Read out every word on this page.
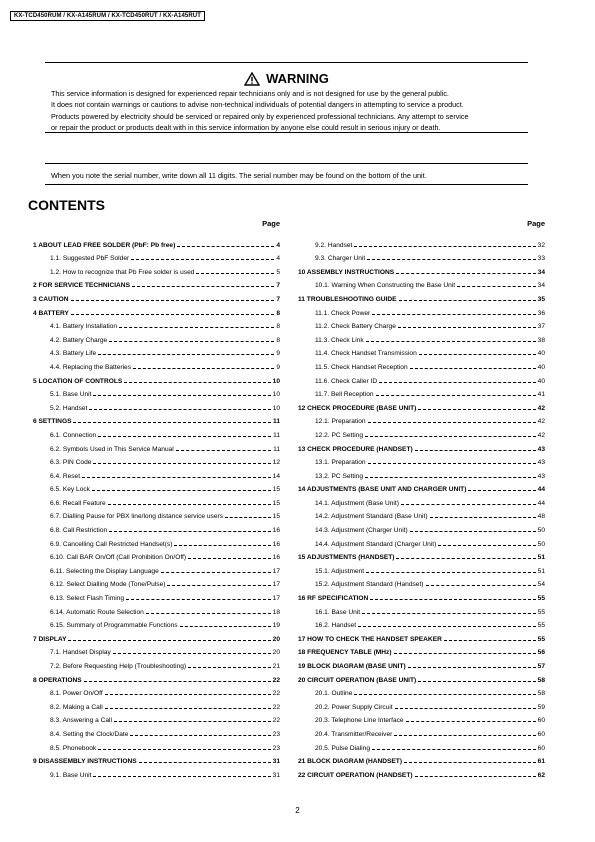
KX-TCD450RUM / KX-A145RUM / KX-TCD450RUT / KX-A145RUT
WARNING
This service information is designed for experienced repair technicians only and is not designed for use by the general public.
It does not contain warnings or cautions to advise non-technical individuals of potential dangers in attempting to service a product.
Products powered by electricity should be serviced or repaired only by experienced professional technicians. Any attempt to service
or repair the product or products dealt with in this service information by anyone else could result in serious injury or death.
When you note the serial number, write down all 11 digits. The serial number may be found on the bottom of the unit.
CONTENTS
Page
1 ABOUT LEAD FREE SOLDER (PbF: Pb free)	4
1.1. Suggested PbF Solder	4
1.2. How to recognize that Pb Free solder is used	5
2 FOR SERVICE TECHNICIANS	7
3 CAUTION	7
4 BATTERY	8
4.1. Battery Installation	8
4.2. Battery Charge	8
4.3. Battery Life	9
4.4. Replacing the Batteries	9
5 LOCATION OF CONTROLS	10
5.1. Base Unit	10
5.2. Handset	10
6 SETTINGS	11
6.1. Connection	11
6.2. Symbols Used in This Service Manual	11
6.3. PIN Code	12
6.4. Reset	14
6.5. Key Lock	15
6.6. Recall Feature	15
6.7. Dialling Pause for PBX line/long distance service users	15
6.8. Call Restriction	16
6.9. Cancelling Call Restricted Handset(s)	16
6.10. Call BAR On/Off (Call Prohibition On/Off)	16
6.11. Selecting the Display Language	17
6.12. Select Dialling Mode (Tone/Pulse)	17
6.13. Select Flash Timing	17
6.14. Automatic Route Selection	18
6.15. Summary of Programmable Functions	19
7 DISPLAY	20
7.1. Handset Display	20
7.2. Before Requesting Help (Troubleshooting)	21
8 OPERATIONS	22
8.1. Power On/Off	22
8.2. Making a Call	22
8.3. Answering a Call	22
8.4. Setting the Clock/Date	23
8.5. Phonebook	23
9 DISASSEMBLY INSTRUCTIONS	31
9.1. Base Unit	31
Page
9.2. Handset	32
9.3. Charger Unit	33
10 ASSEMBLY INSTRUCTIONS	34
10.1. Warning When Constructing the Base Unit	34
11 TROUBLESHOOTING GUIDE	35
11.1. Check Power	36
11.2. Check Battery Charge	37
11.3. Check Link	38
11.4. Check Handset Transmission	40
11.5. Check Handset Reception	40
11.6. Check Caller ID	40
11.7. Bell Reception	41
12 CHECK PROCEDURE (BASE UNIT)	42
12.1. Preparation	42
12.2. PC Setting	42
13 CHECK PROCEDURE (HANDSET)	43
13.1. Preparation	43
13.2. PC Setting	43
14 ADJUSTMENTS (BASE UNIT AND CHARGER UNIT)	44
14.1. Adjustment (Base Unit)	44
14.2. Adjustment Standard (Base Unit)	48
14.3. Adjustment (Charger Unit)	50
14.4. Adjustment Standard (Charger Unit)	50
15 ADJUSTMENTS (HANDSET)	51
15.1. Adjustment	51
15.2. Adjustment Standard (Handset)	54
16 RF SPECIFICATION	55
16.1. Base Unit	55
16.2. Handset	55
17 HOW TO CHECK THE HANDSET SPEAKER	55
18 FREQUENCY TABLE (MHz)	56
19 BLOCK DIAGRAM (BASE UNIT)	57
20 CIRCUIT OPERATION (BASE UNIT)	58
20.1. Outline	58
20.2. Power Supply Circuit	59
20.3. Telephone Line Interface	60
20.4. Transmitter/Receiver	60
20.5. Pulse Dialing	60
21 BLOCK DIAGRAM (HANDSET)	61
22 CIRCUIT OPERATION (HANDSET)	62
2
